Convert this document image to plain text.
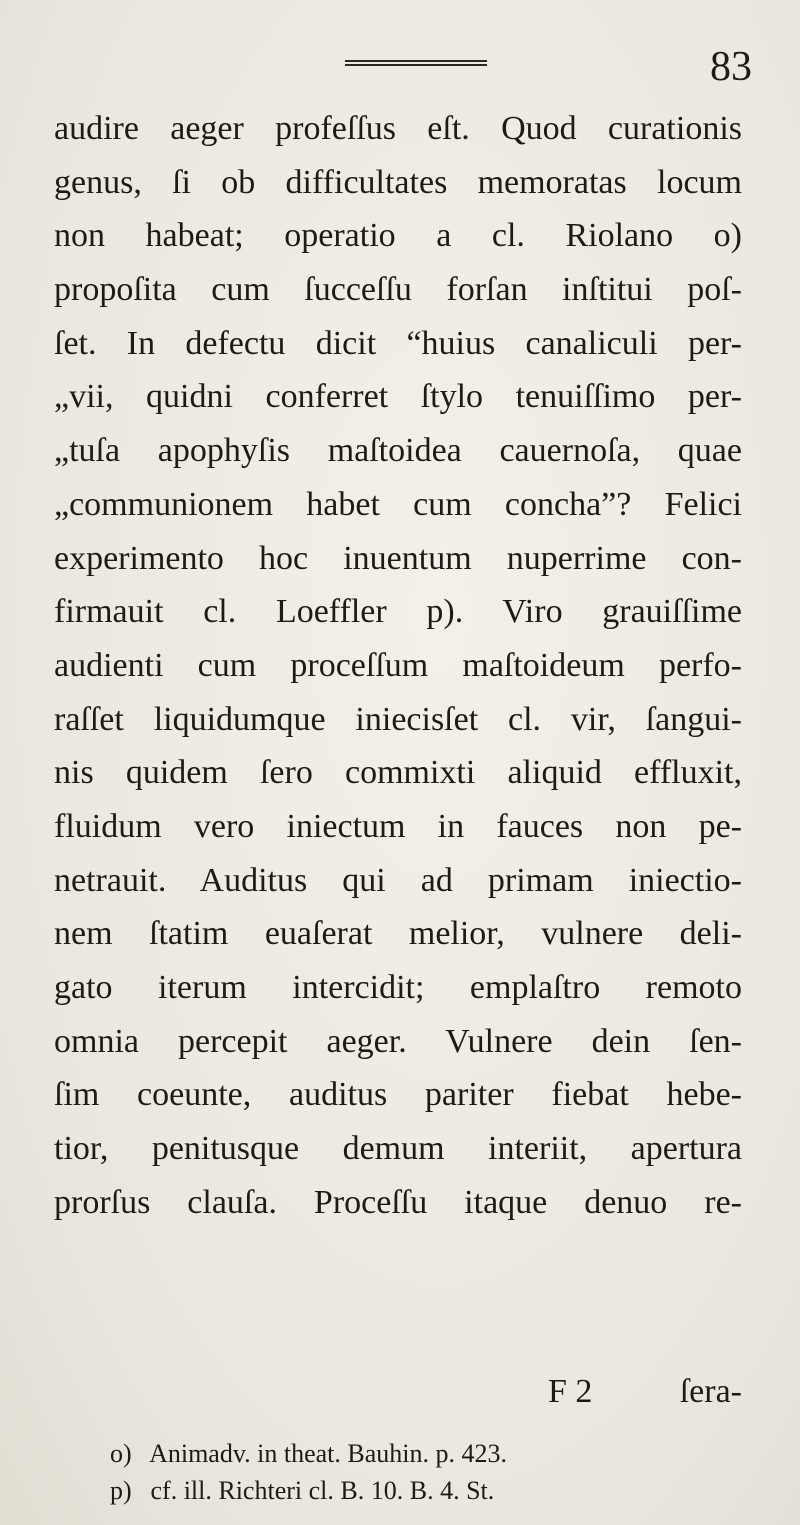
83
audire aeger profeſſus eſt. Quod curationis
genus, ſi ob difficultates memoratas locum
non habeat; operatio a cl. Riolano o)
propoſita cum ſucceſſu forſan inſtitui poſ-
ſet. In defectu dicit “huius canaliculi per-
„vii, quidni conferret ſtylo tenuiſſimo per-
„tuſa apophyſis maſtoidea cauernoſa, quae
„communionem habet cum concha”? Felici
experimento hoc inuentum nuperrime con-
firmauit cl. Loeffler p). Viro grauiſſime
audienti cum proceſſum maſtoideum perfo-
raſſet liquidumque iniecisſet cl. vir, ſangui-
nis quidem ſero commixti aliquid effluxit,
fluidum vero iniectum in fauces non pe-
netrauit. Auditus qui ad primam iniectio-
nem ſtatim euaſerat melior, vulnere deli-
gato iterum intercidit; emplaſtro remoto
omnia percepit aeger. Vulnere dein ſen-
ſim coeunte, auditus pariter fiebat hebe-
tior, penitusque demum interiit, apertura
prorſus clauſa. Proceſſu itaque denuo re-
F 2	ſera-
o) Animadv. in theat. Bauhin. p. 423.
p) cf. ill. Richteri cl. B. 10. B. 4. St.
